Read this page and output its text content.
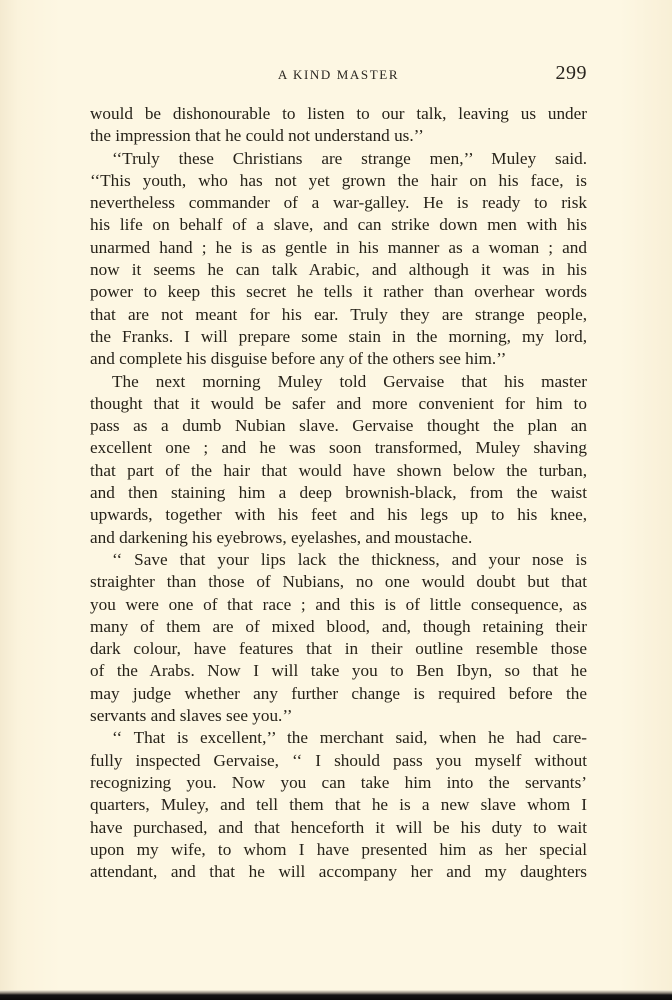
A KIND MASTER	299
would be dishonourable to listen to our talk, leaving us under
the impression that he could not understand us.’’
‘‘Truly these Christians are strange men,’’ Muley said.
‘‘This youth, who has not yet grown the hair on his face, is
nevertheless commander of a war-galley. He is ready to risk
his life on behalf of a slave, and can strike down men with his
unarmed hand ; he is as gentle in his manner as a woman ; and
now it seems he can talk Arabic, and although it was in his
power to keep this secret he tells it rather than overhear words
that are not meant for his ear. Truly they are strange people,
the Franks. I will prepare some stain in the morning, my lord,
and complete his disguise before any of the others see him.’’
The next morning Muley told Gervaise that his master
thought that it would be safer and more convenient for him to
pass as a dumb Nubian slave. Gervaise thought the plan an
excellent one ; and he was soon transformed, Muley shaving
that part of the hair that would have shown below the turban,
and then staining him a deep brownish-black, from the waist
upwards, together with his feet and his legs up to his knee,
and darkening his eyebrows, eyelashes, and moustache.
‘‘ Save that your lips lack the thickness, and your nose is
straighter than those of Nubians, no one would doubt but that
you were one of that race ; and this is of little consequence, as
many of them are of mixed blood, and, though retaining their
dark colour, have features that in their outline resemble those
of the Arabs. Now I will take you to Ben Ibyn, so that he
may judge whether any further change is required before the
servants and slaves see you.’’
‘‘ That is excellent,’’ the merchant said, when he had care-
fully inspected Gervaise, ‘‘ I should pass you myself without
recognizing you. Now you can take him into the servants’
quarters, Muley, and tell them that he is a new slave whom I
have purchased, and that henceforth it will be his duty to wait
upon my wife, to whom I have presented him as her special
attendant, and that he will accompany her and my daughters
